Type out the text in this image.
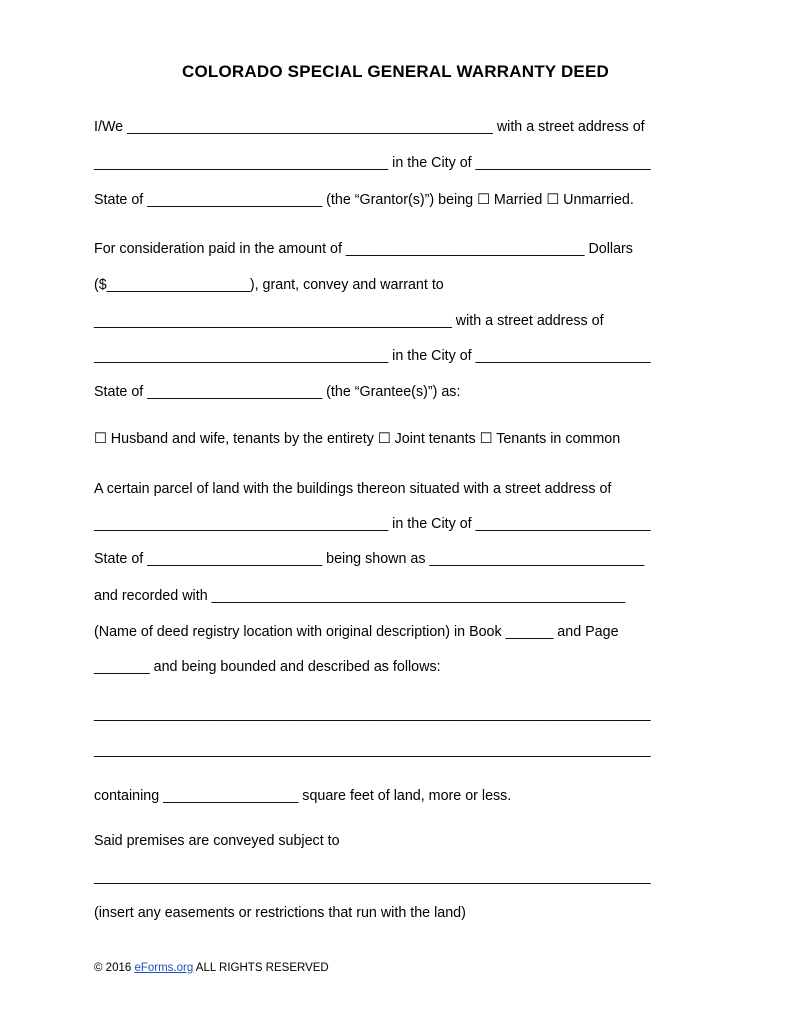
COLORADO SPECIAL GENERAL WARRANTY DEED
I/We ______________________________________________ with a street address of
_____________________________________ in the City of ______________________
State of ______________________ (the “Grantor(s)”) being ☐ Married ☐ Unmarried.
For consideration paid in the amount of ______________________________ Dollars
($__________________), grant, convey and warrant to
_____________________________________________ with a street address of
_____________________________________ in the City of ______________________
State of ______________________ (the “Grantee(s)”) as:
☐ Husband and wife, tenants by the entirety ☐ Joint tenants ☐ Tenants in common
A certain parcel of land with the buildings thereon situated with a street address of
_____________________________________ in the City of ______________________
State of ______________________ being shown as ___________________________
and recorded with ____________________________________________________
(Name of deed registry location with original description) in Book ______ and Page
_______ and being bounded and described as follows:
______________________________________________________________________
______________________________________________________________________
containing _________________ square feet of land, more or less.
Said premises are conveyed subject to
______________________________________________________________________
(insert any easements or restrictions that run with the land)
© 2016 eForms.org ALL RIGHTS RESERVED
